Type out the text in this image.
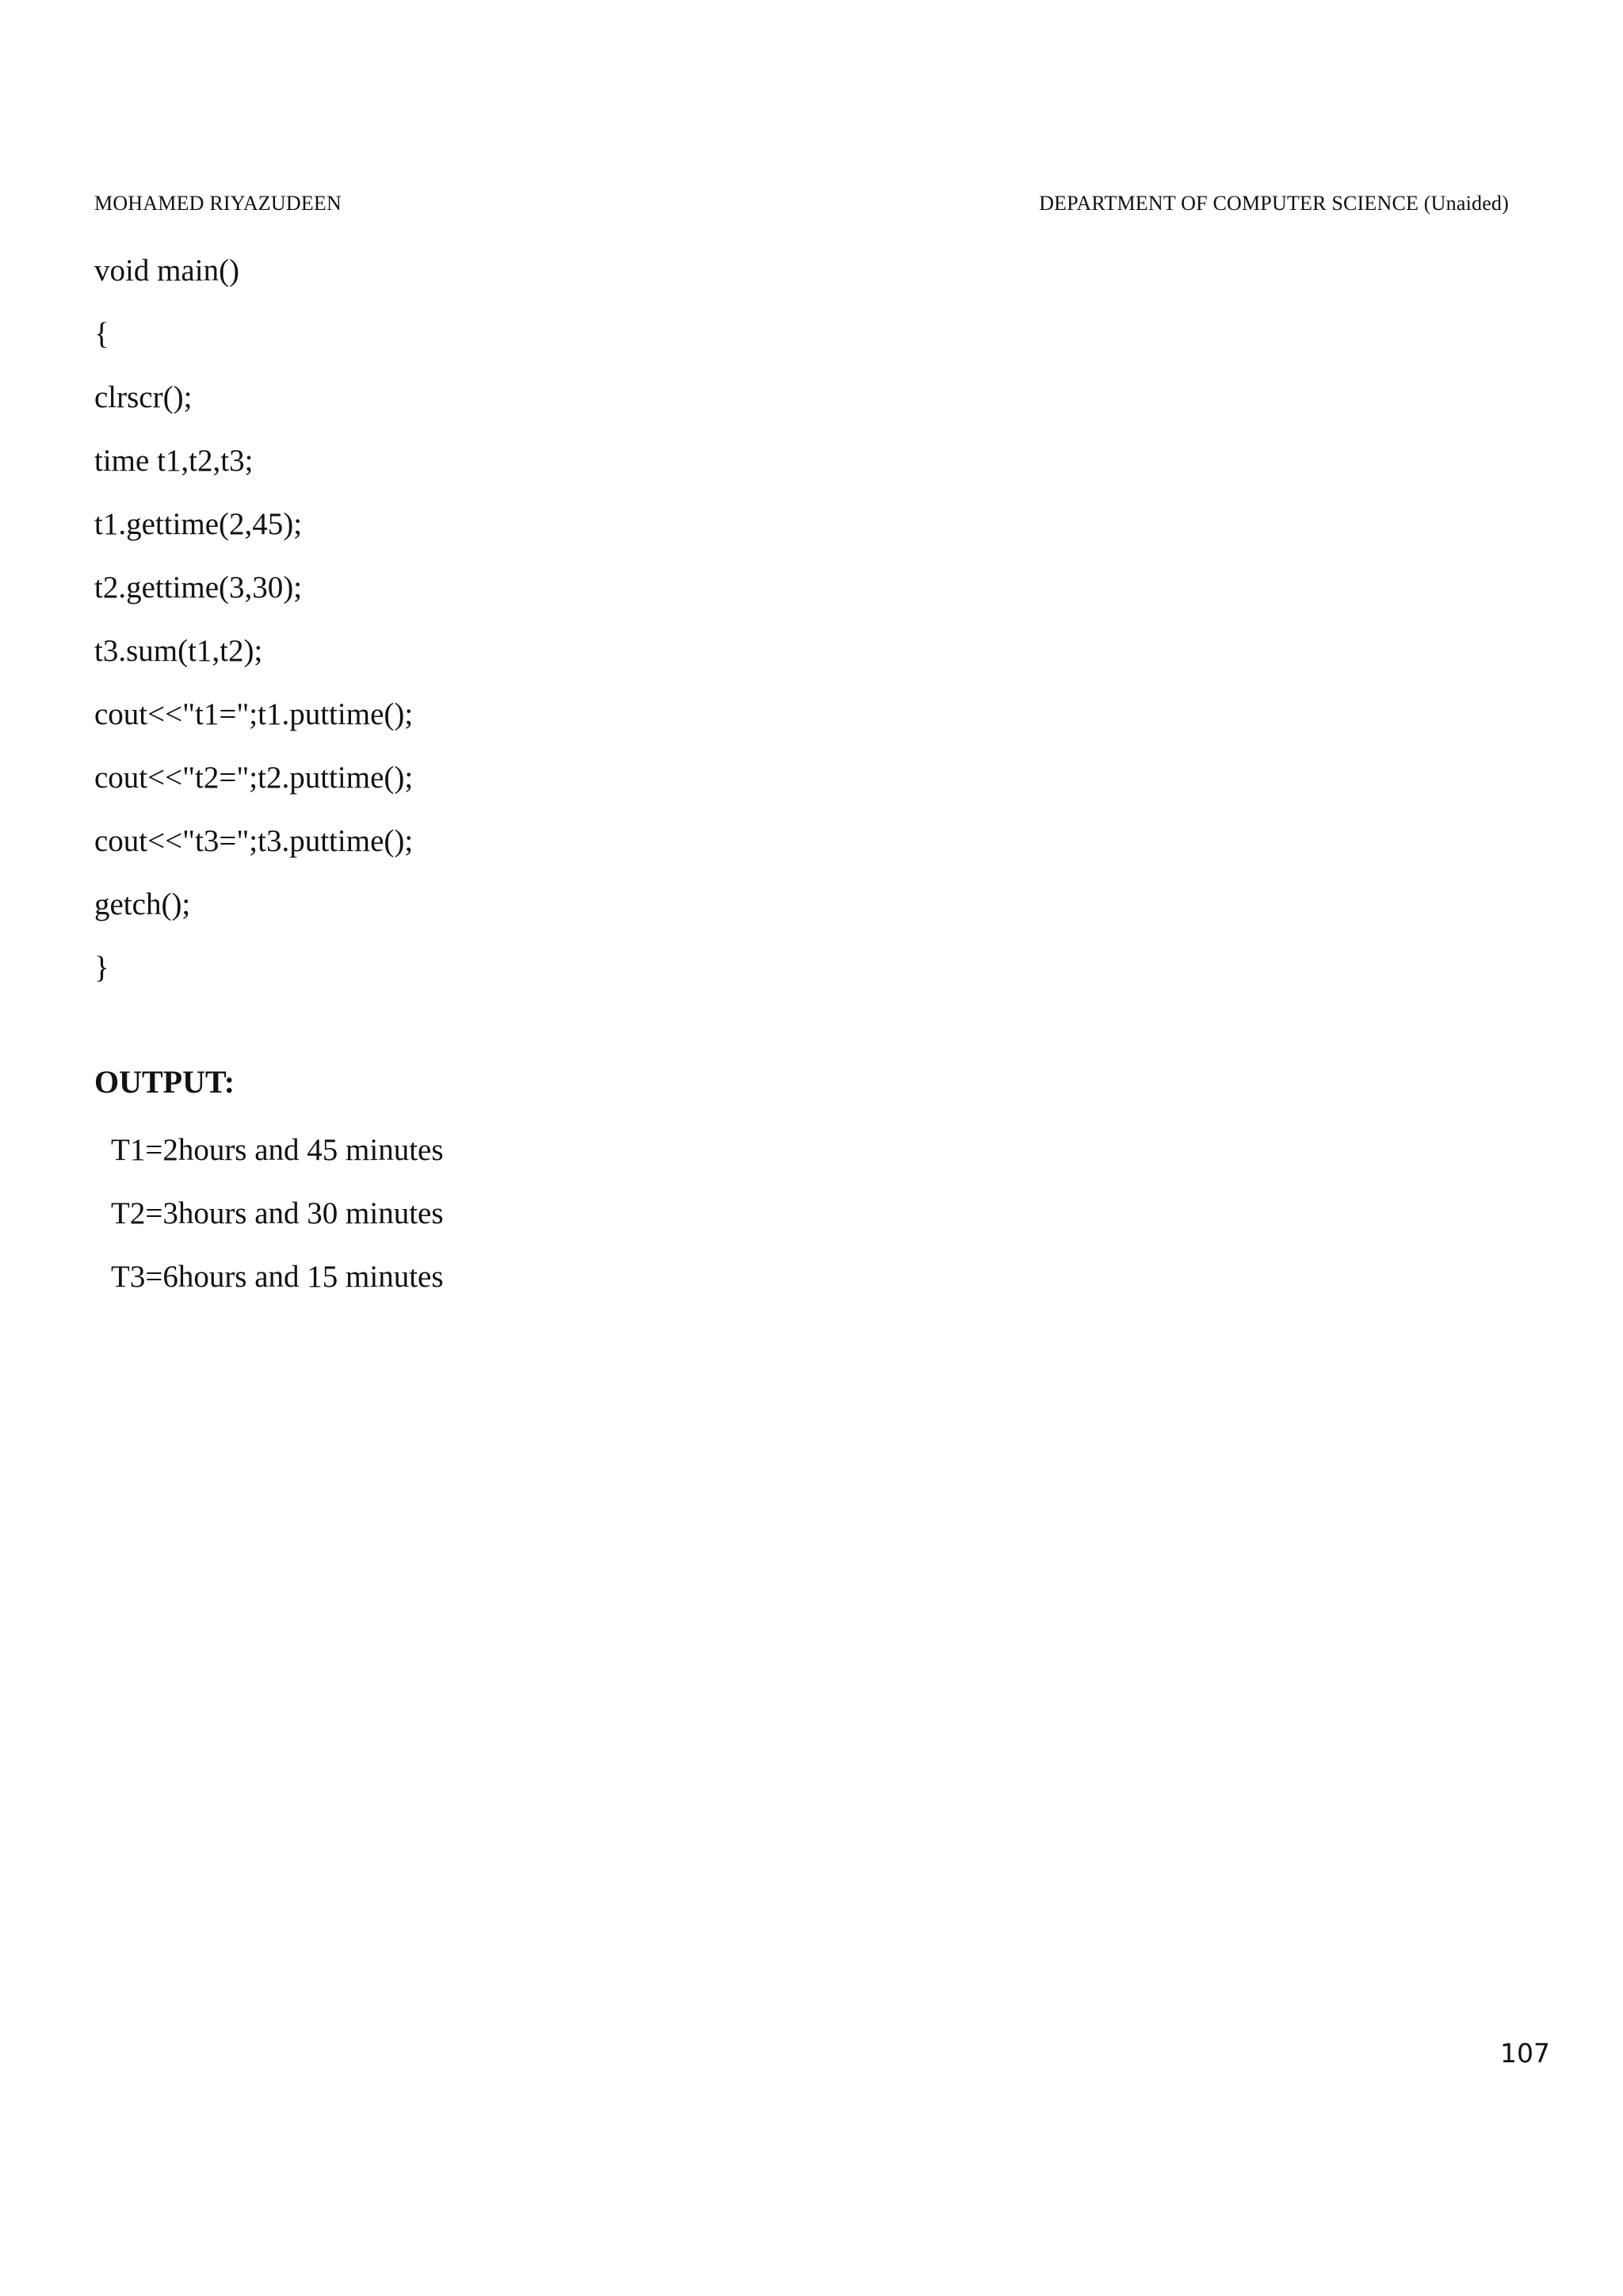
MOHAMED RIYAZUDEEN	DEPARTMENT OF COMPUTER SCIENCE (Unaided)
void main()
{
clrscr();
time t1,t2,t3;
t1.gettime(2,45);
t2.gettime(3,30);
t3.sum(t1,t2);
cout<<"t1=";t1.puttime();
cout<<"t2=";t2.puttime();
cout<<"t3=";t3.puttime();
getch();
}
OUTPUT:
T1=2hours and 45 minutes
T2=3hours and 30 minutes
T3=6hours and 15 minutes
107
